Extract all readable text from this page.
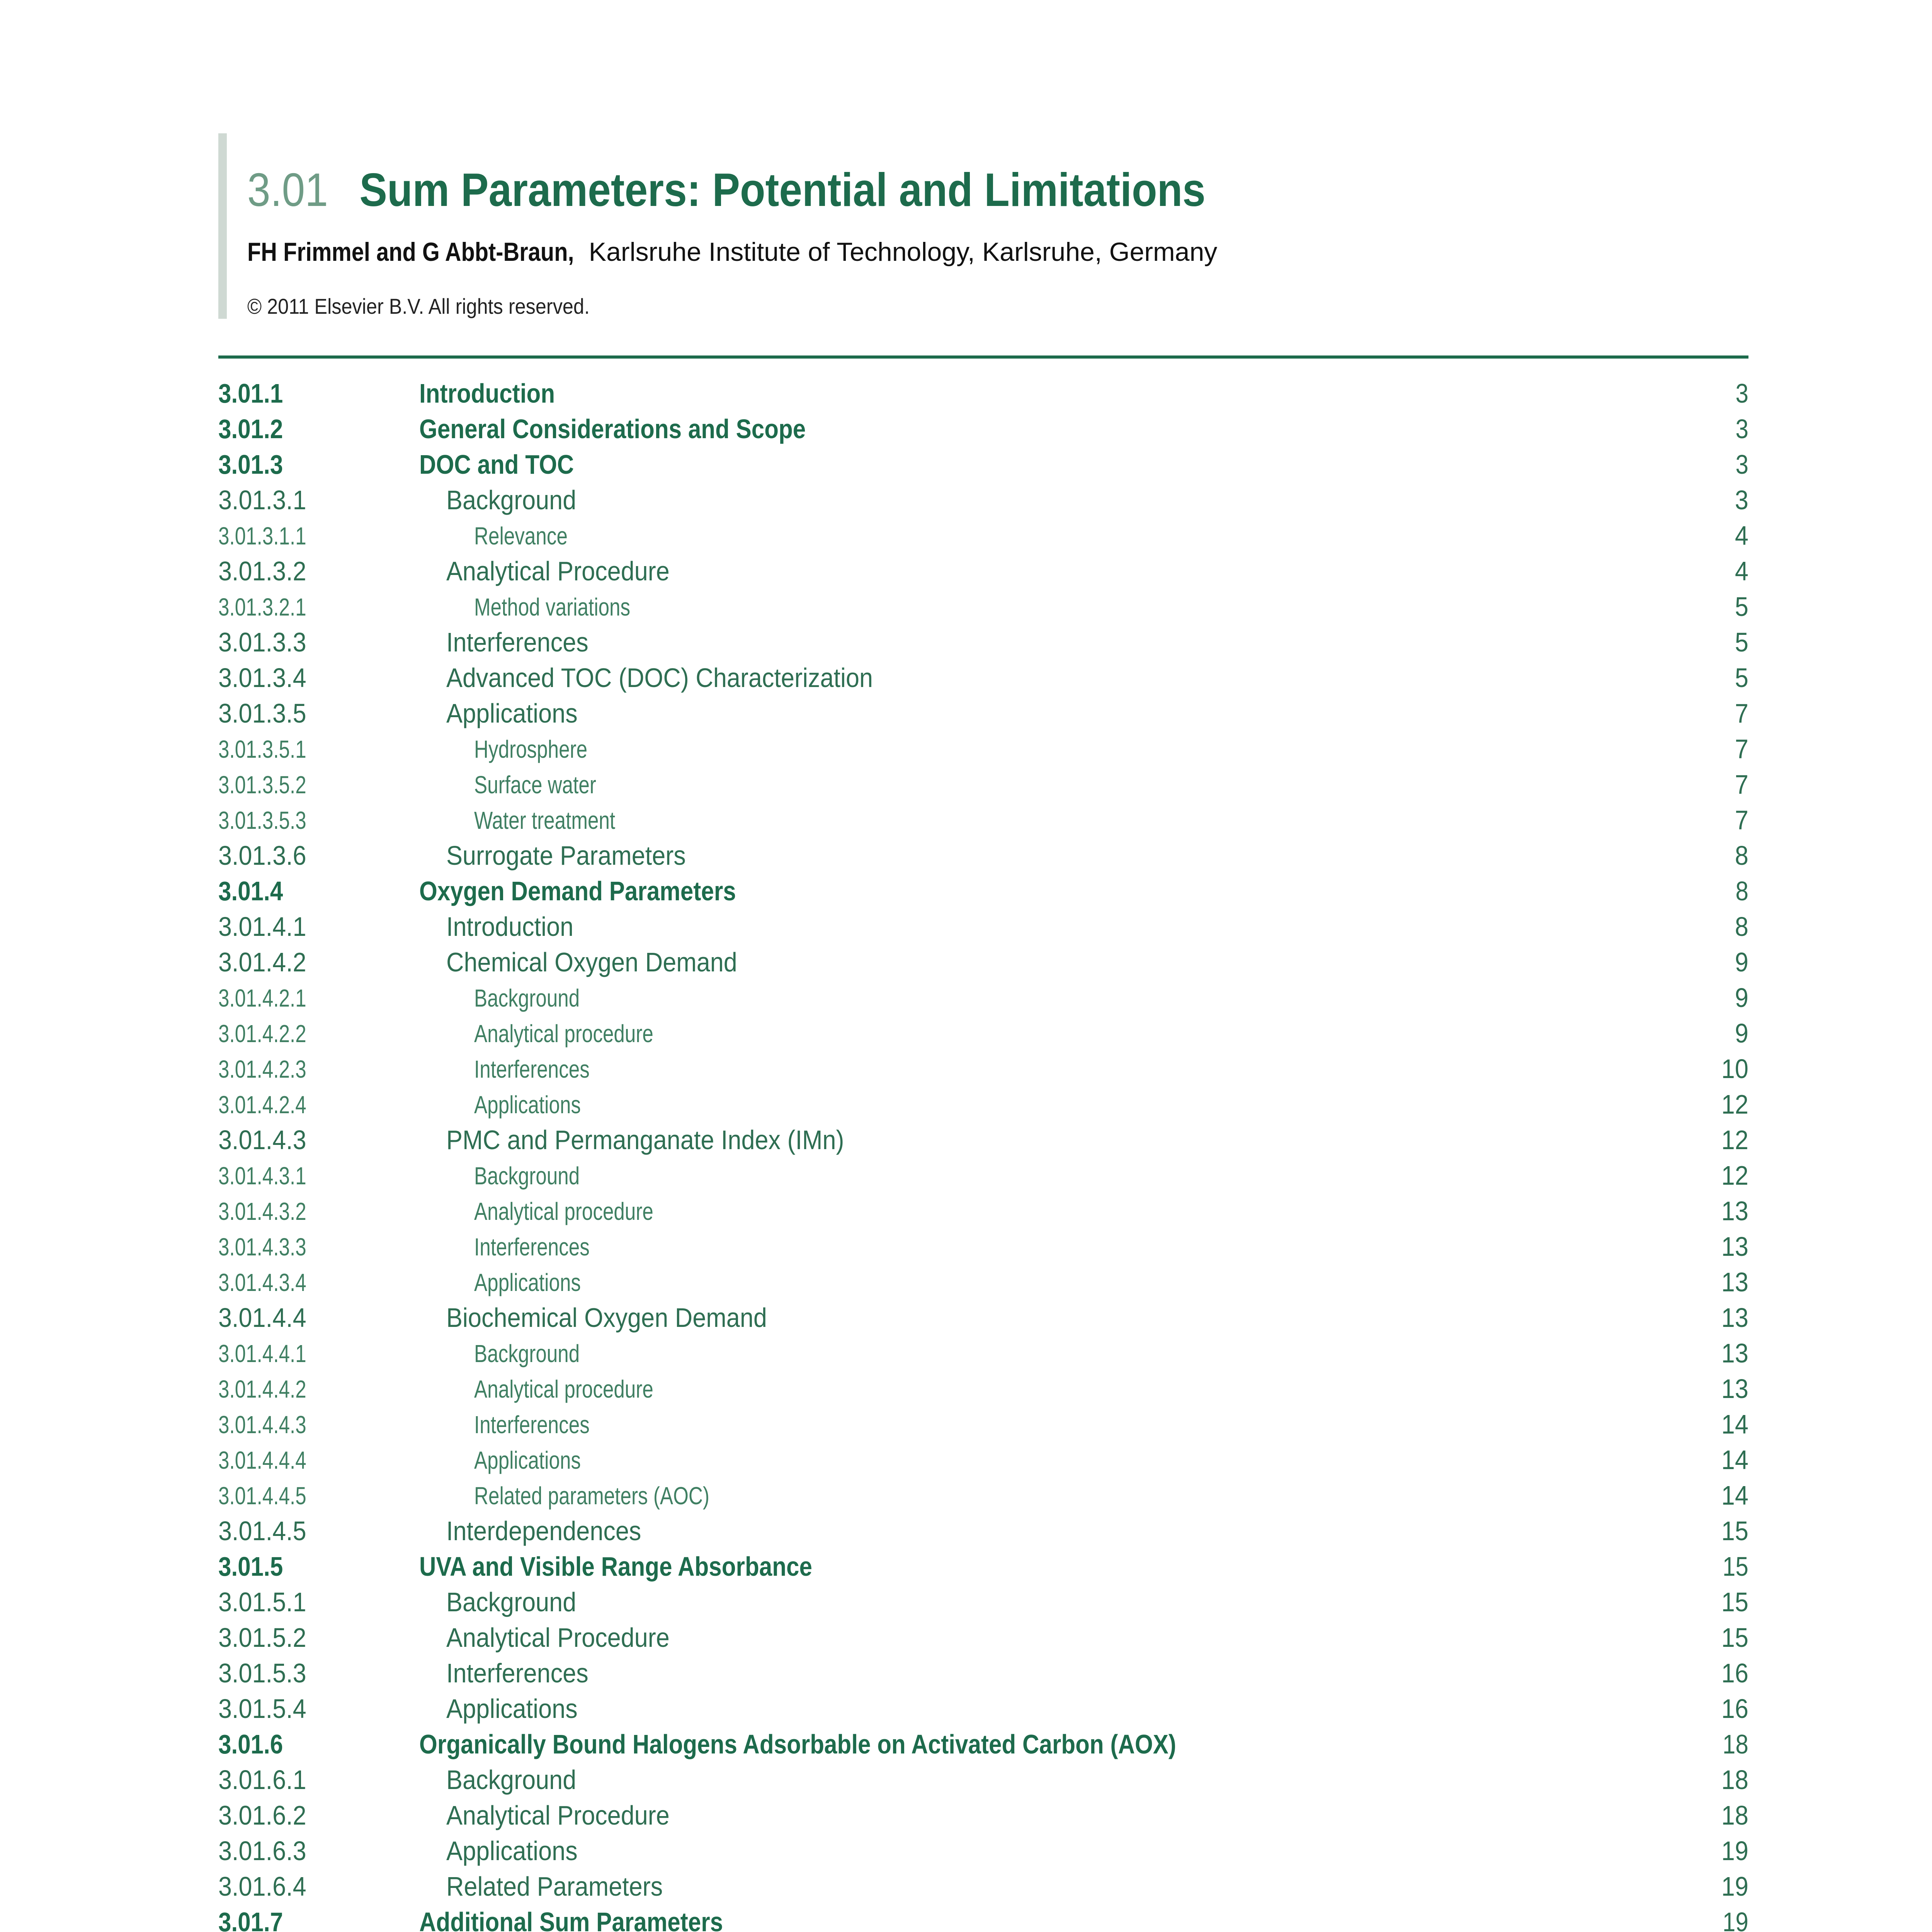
3.01 Sum Parameters: Potential and Limitations
FH Frimmel and G Abbt-Braun, Karlsruhe Institute of Technology, Karlsruhe, Germany
© 2011 Elsevier B.V. All rights reserved.
3.01.1	Introduction	3
3.01.2	General Considerations and Scope	3
3.01.3	DOC and TOC	3
3.01.3.1	Background	3
3.01.3.1.1	Relevance	4
3.01.3.2	Analytical Procedure	4
3.01.3.2.1	Method variations	5
3.01.3.3	Interferences	5
3.01.3.4	Advanced TOC (DOC) Characterization	5
3.01.3.5	Applications	7
3.01.3.5.1	Hydrosphere	7
3.01.3.5.2	Surface water	7
3.01.3.5.3	Water treatment	7
3.01.3.6	Surrogate Parameters	8
3.01.4	Oxygen Demand Parameters	8
3.01.4.1	Introduction	8
3.01.4.2	Chemical Oxygen Demand	9
3.01.4.2.1	Background	9
3.01.4.2.2	Analytical procedure	9
3.01.4.2.3	Interferences	10
3.01.4.2.4	Applications	12
3.01.4.3	PMC and Permanganate Index (IMn)	12
3.01.4.3.1	Background	12
3.01.4.3.2	Analytical procedure	13
3.01.4.3.3	Interferences	13
3.01.4.3.4	Applications	13
3.01.4.4	Biochemical Oxygen Demand	13
3.01.4.4.1	Background	13
3.01.4.4.2	Analytical procedure	13
3.01.4.4.3	Interferences	14
3.01.4.4.4	Applications	14
3.01.4.4.5	Related parameters (AOC)	14
3.01.4.5	Interdependences	15
3.01.5	UVA and Visible Range Absorbance	15
3.01.5.1	Background	15
3.01.5.2	Analytical Procedure	15
3.01.5.3	Interferences	16
3.01.5.4	Applications	16
3.01.6	Organically Bound Halogens Adsorbable on Activated Carbon (AOX)	18
3.01.6.1	Background	18
3.01.6.2	Analytical Procedure	18
3.01.6.3	Applications	19
3.01.6.4	Related Parameters	19
3.01.7	Additional Sum Parameters	19
